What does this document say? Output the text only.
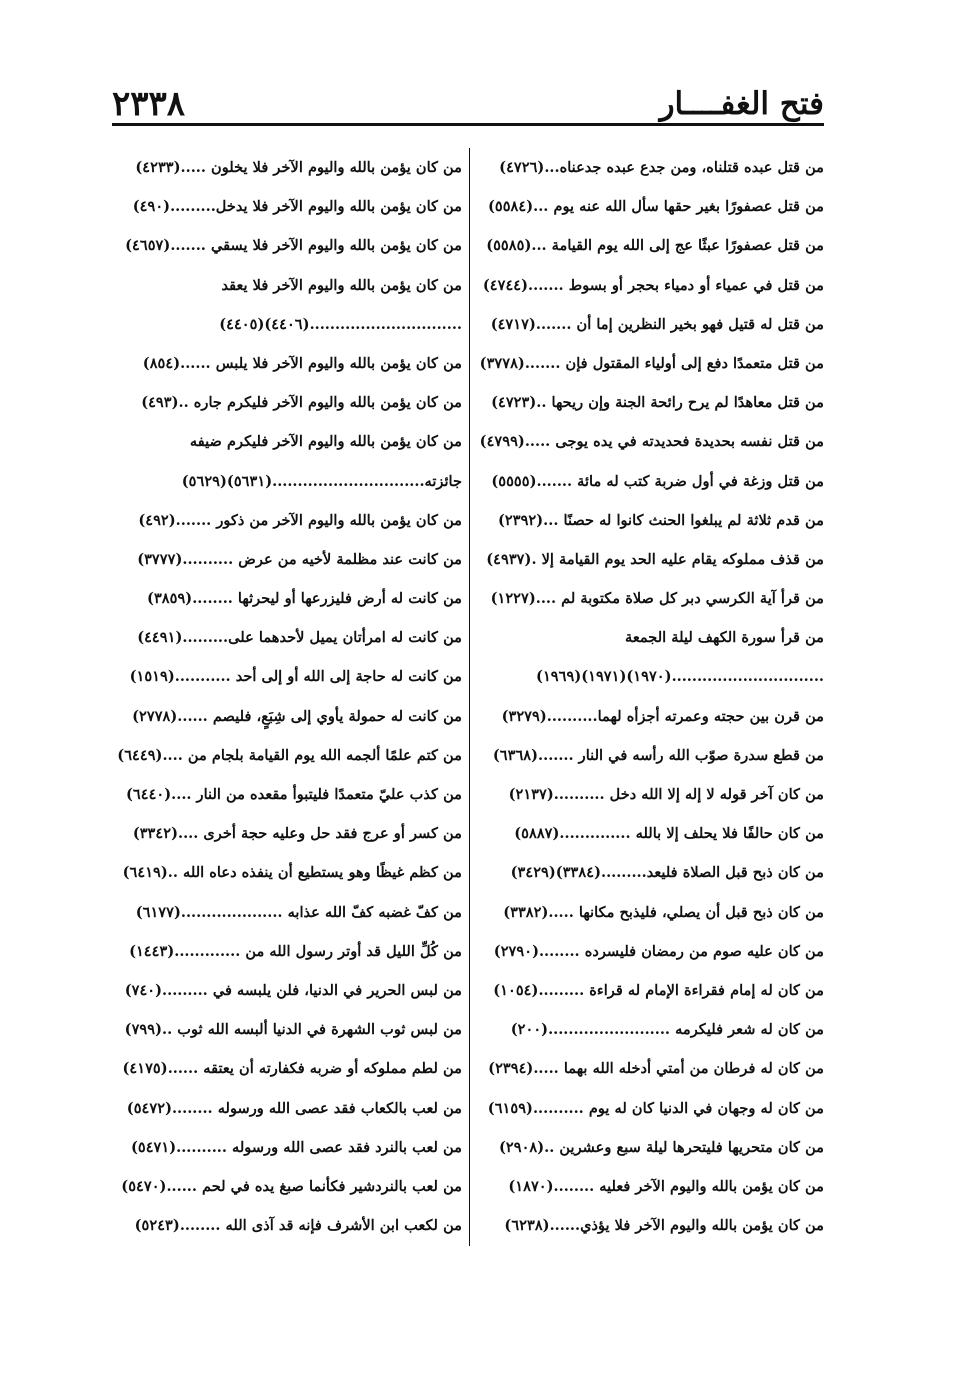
٢٣٣٨	فتح الغفــــار
من قتل عبده قتلناه، ومن جدع عبده جدعناه...(٤٧٢٦)
من قتل عصفورًا بغير حقها سأل الله عنه يوم ...(٥٥٨٤)
من قتل عصفورًا عبثًا عج إلى الله يوم القيامة ...(٥٥٨٥)
من قتل في عمياء أو دمياء بحجر أو بسوط .......(٤٧٤٤)
من قتل له قتيل فهو بخير النظرين إما أن .......(٤٧١٧)
من قتل متعمدًا دفع إلى أولياء المقتول فإن .......(٣٧٧٨)
من قتل معاهدًا لم يرح رائحة الجنة وإن ريحها ..(٤٧٢٣)
من قتل نفسه بحديدة فحديدته في يده يوجى .....(٤٧٩٩)
من قتل وزغة في أول ضربة كتب له مائة .......(٥٥٥٥)
من قدم ثلاثة لم يبلغوا الحنث كانوا له حصنًا ...(٢٣٩٢)
من قذف مملوكه يقام عليه الحد يوم القيامة إلا .(٤٩٣٧)
من قرأ آية الكرسي دبر كل صلاة مكتوبة لم ....(١٢٢٧)
من قرأ سورة الكهف ليلة الجمعة
..............................(١٩٧٠)(١٩٧١)(١٩٦٩)
من قرن بين حجته وعمرته أجزأه لهما..........(٣٢٧٩)
من قطع سدرة صوّب الله رأسه في النار .......(٦٣٦٨)
من كان آخر قوله لا إله إلا الله دخل ..........(٢١٣٧)
من كان حالفًا فلا يحلف إلا بالله ..............(٥٨٨٧)
من كان ذبح قبل الصلاة فليعد.........(٣٣٨٤)(٣٤٢٩)
من كان ذبح قبل أن يصلي، فليذبح مكانها .....(٣٣٨٢)
من كان عليه صوم من رمضان فليسرده ........(٢٧٩٠)
من كان له إمام فقراءة الإمام له قراءة .........(١٠٥٤)
من كان له شعر فليكرمه ........................(٢٠٠)
من كان له فرطان من أمتي أدخله الله بهما .....(٢٣٩٤)
من كان له وجهان في الدنيا كان له يوم ..........(٦١٥٩)
من كان متحريها فليتحرها ليلة سبع وعشرين ..(٢٩٠٨)
من كان يؤمن بالله واليوم الآخر فعليه ........(١٨٧٠)
من كان يؤمن بالله واليوم الآخر فلا يؤذي......(٦٢٣٨)
من كان يؤمن بالله واليوم الآخر فلا يخلون .....(٤٢٣٣)
من كان يؤمن بالله واليوم الآخر فلا يدخل.........(٤٩٠)
من كان يؤمن بالله واليوم الآخر فلا يسقي .......(٤٦٥٧)
من كان يؤمن بالله واليوم الآخر فلا يعقد
..............................(٤٤٠٦)(٤٤٠٥)
من كان يؤمن بالله واليوم الآخر فلا يلبس ......(٨٥٤)
من كان يؤمن بالله واليوم الآخر فليكرم جاره ..(٤٩٣)
من كان يؤمن بالله واليوم الآخر فليكرم ضيفه
جائزته..............................(٥٦٣١)(٥٦٢٩)
من كان يؤمن بالله واليوم الآخر من ذكور .......(٤٩٢)
من كانت عند مظلمة لأخيه من عرض ..........(٣٧٧٧)
من كانت له أرض فليزرعها أو ليحرثها ........(٣٨٥٩)
من كانت له امرأتان يميل لأحدهما على.........(٤٤٩١)
من كانت له حاجة إلى الله أو إلى أحد ...........(١٥١٩)
من كانت له حمولة يأوي إلى شِبَعٍ، فليصم ......(٢٧٧٨)
من كتم علمًا ألجمه الله يوم القيامة بلجام من ....(٦٤٤٩)
من كذب عليّ متعمدًا فليتبوأ مقعده من النار ....(٦٤٤٠)
من كسر أو عرج فقد حل وعليه حجة أخرى ....(٣٣٤٢)
من كظم غيظًا وهو يستطيع أن ينفذه دعاه الله ..(٦٤١٩)
من كفّ غضبه كفّ الله عذابه ....................(٦١٧٧)
من كُلِّ الليل قد أوتر رسول الله من .............(١٤٤٣)
من لبس الحرير في الدنيا، فلن يلبسه في .........(٧٤٠)
من لبس ثوب الشهرة في الدنيا ألبسه الله ثوب ..(٧٩٩)
من لطم مملوكه أو ضربه فكفارته أن يعتقه ......(٤١٧٥)
من لعب بالكعاب فقد عصى الله ورسوله ........(٥٤٧٢)
من لعب بالنرد فقد عصى الله ورسوله ..........(٥٤٧١)
من لعب بالنردشير فكأنما صبغ يده في لحم ......(٥٤٧٠)
من لكعب ابن الأشرف فإنه قد آذى الله ........(٥٢٤٣)
